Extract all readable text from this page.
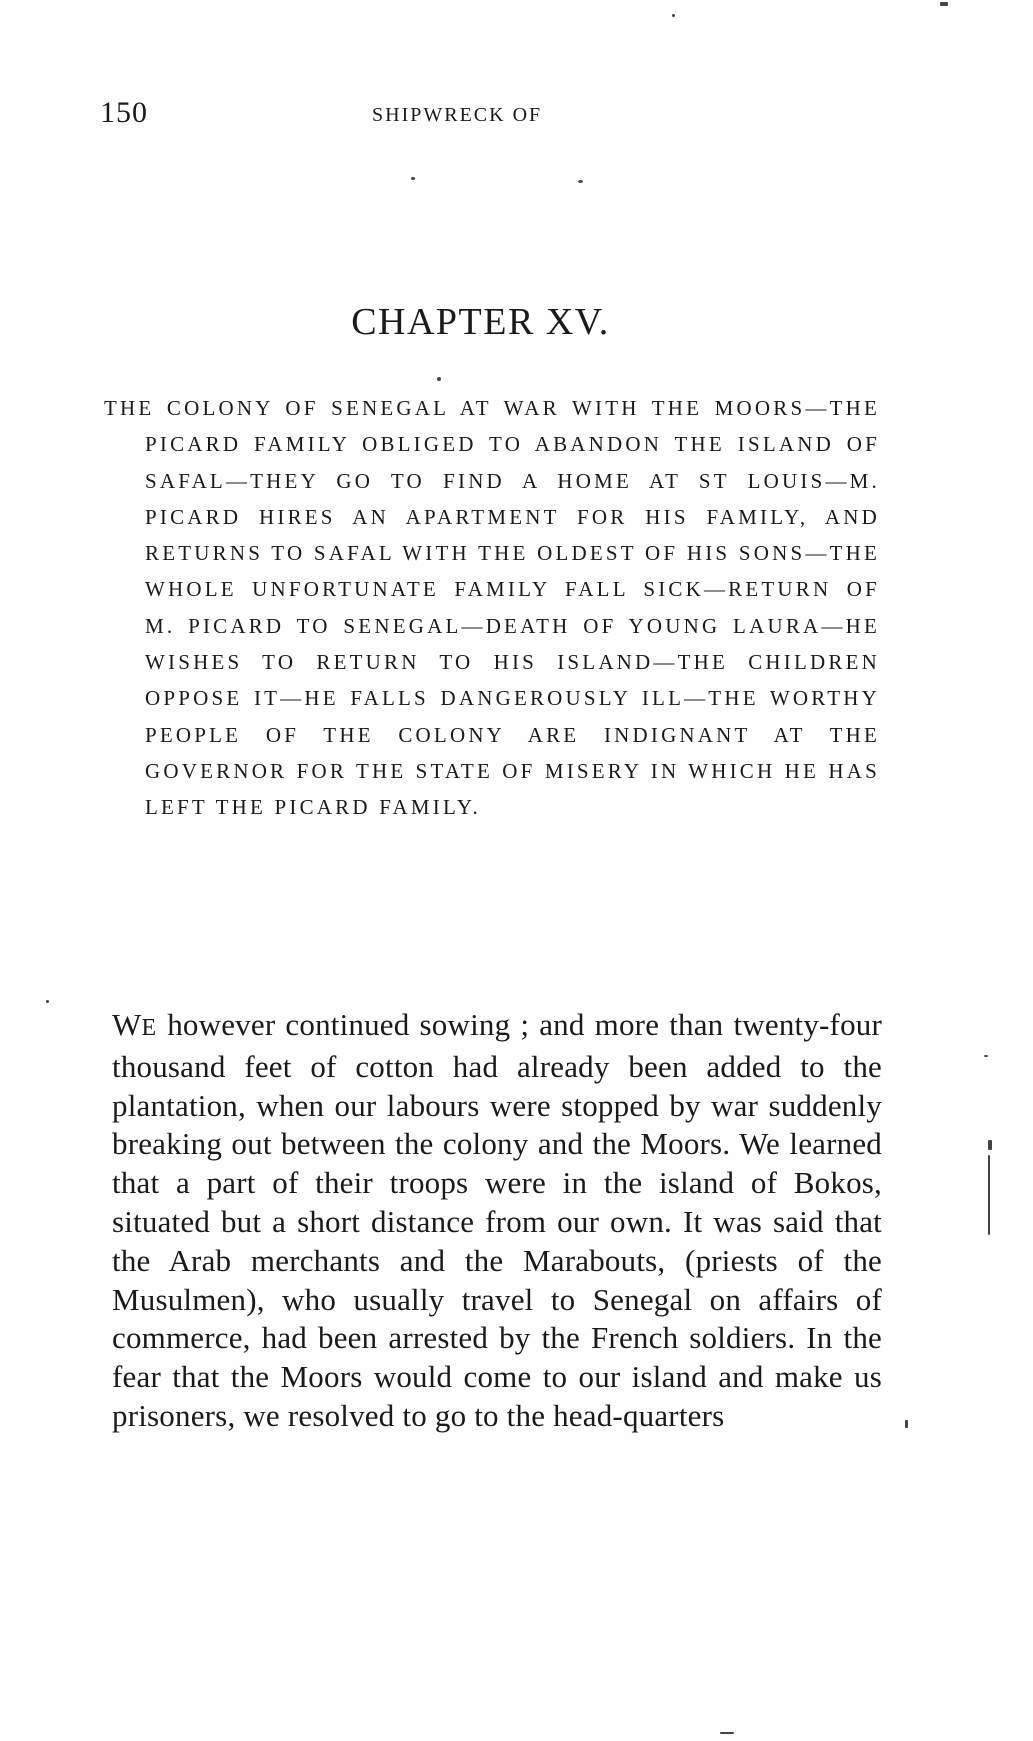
150	SHIPWRECK OF
CHAPTER XV.
THE COLONY OF SENEGAL AT WAR WITH THE MOORS—THE PICARD FAMILY OBLIGED TO ABANDON THE ISLAND OF SAFAL—THEY GO TO FIND A HOME AT ST LOUIS—M. PICARD HIRES AN APARTMENT FOR HIS FAMILY, AND RETURNS TO SAFAL WITH THE OLDEST OF HIS SONS—THE WHOLE UNFORTUNATE FAMILY FALL SICK—RETURN OF M. PICARD TO SENEGAL—DEATH OF YOUNG LAURA—HE WISHES TO RETURN TO HIS ISLAND—THE CHILDREN OPPOSE IT—HE FALLS DANGEROUSLY ILL—THE WORTHY PEOPLE OF THE COLONY ARE INDIGNANT AT THE GOVERNOR FOR THE STATE OF MISERY IN WHICH HE HAS LEFT THE PICARD FAMILY.
WE however continued sowing ; and more than twenty-four thousand feet of cotton had already been added to the plantation, when our labours were stopped by war suddenly breaking out between the colony and the Moors. We learned that a part of their troops were in the island of Bokos, situated but a short distance from our own. It was said that the Arab merchants and the Marabouts, (priests of the Musulmen), who usually travel to Senegal on affairs of commerce, had been arrested by the French soldiers. In the fear that the Moors would come to our island and make us prisoners, we resolved to go to the head-quarters
